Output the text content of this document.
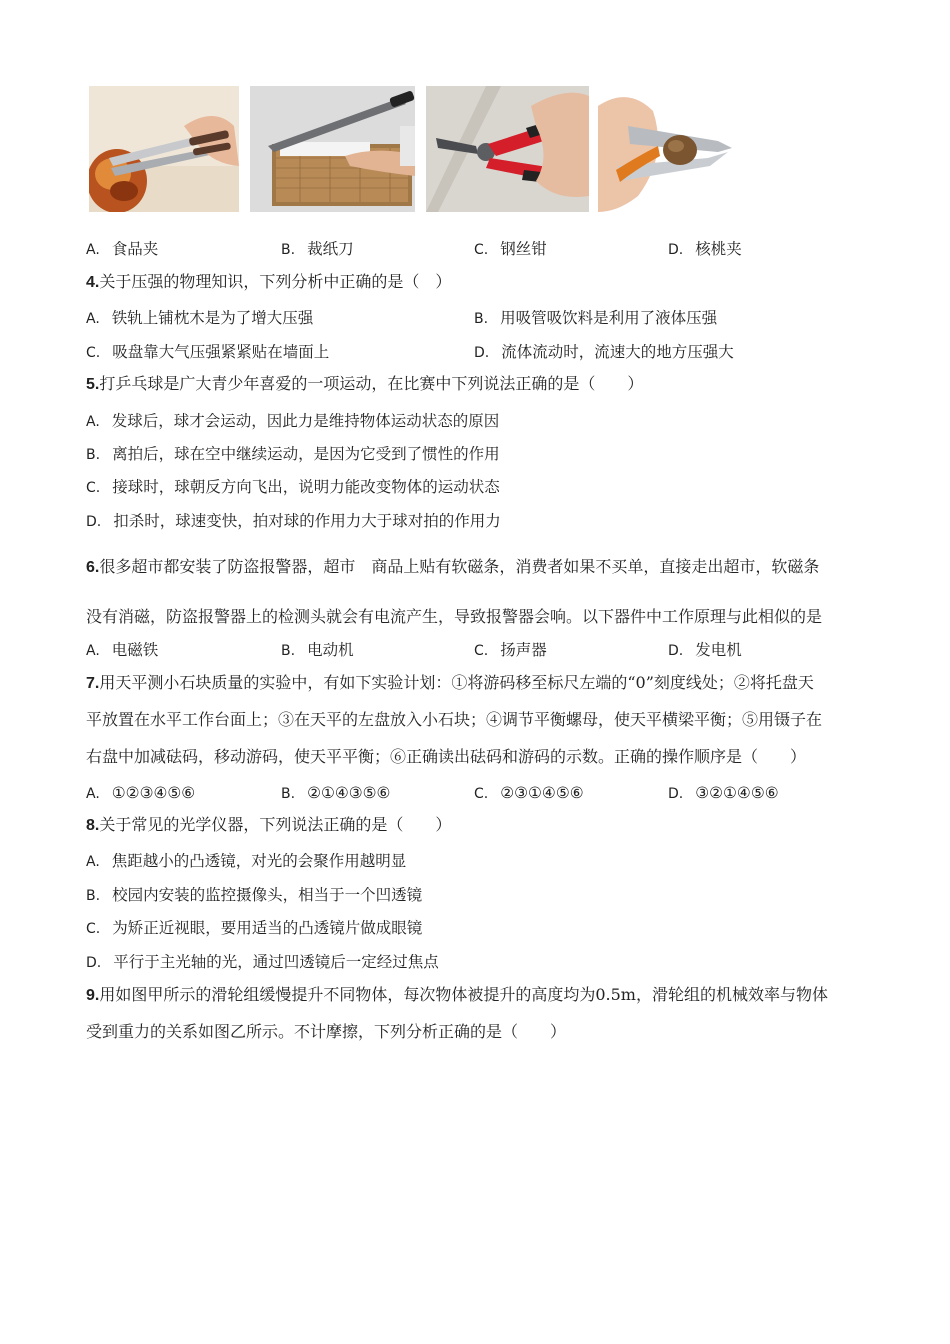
A. 食品夹	B. 裁纸刀	C. 钢丝钳	D. 核桃夹
4.关于压强的物理知识，下列分析中正确的是（　）
A. 铁轨上铺枕木是为了增大压强	B. 用吸管吸饮料是利用了液体压强
C. 吸盘靠大气压强紧紧贴在墙面上	D. 流体流动时，流速大的地方压强大
5.打乒乓球是广大青少年喜爱的一项运动，在比赛中下列说法正确的是（　　）
A. 发球后，球才会运动，因此力是维持物体运动状态的原因
B. 离拍后，球在空中继续运动，是因为它受到了惯性的作用
C. 接球时，球朝反方向飞出，说明力能改变物体的运动状态
D. 扣杀时，球速变快，拍对球的作用力大于球对拍的作用力
6.很多超市都安装了防盗报警器，超市　商品上贴有软磁条，消费者如果不买单，直接走出超市，软磁条
没有消磁，防盗报警器上的检测头就会有电流产生，导致报警器会响。以下器件中工作原理与此相似的是
A. 电磁铁	B. 电动机	C. 扬声器	D. 发电机
7.用天平测小石块质量的实验中，有如下实验计划：①将游码移至标尺左端的“0”刻度线处；②将托盘天
平放置在水平工作台面上；③在天平的左盘放入小石块；④调节平衡螺母，使天平横梁平衡；⑤用镊子在
右盘中加减砝码，移动游码，使天平平衡；⑥正确读出砝码和游码的示数。正确的操作顺序是（　　）
A. ①②③④⑤⑥	B. ②①④③⑤⑥	C. ②③①④⑤⑥	D. ③②①④⑤⑥
8.关于常见的光学仪器，下列说法正确的是（　　）
A. 焦距越小的凸透镜，对光的会聚作用越明显
B. 校园内安装的监控摄像头，相当于一个凹透镜
C. 为矫正近视眼，要用适当的凸透镜片做成眼镜
D. 平行于主光轴的光，通过凹透镜后一定经过焦点
9.用如图甲所示的滑轮组缓慢提升不同物体，每次物体被提升的高度均为0.5m，滑轮组的机械效率与物体
受到重力的关系如图乙所示。不计摩擦，下列分析正确的是（　　）
